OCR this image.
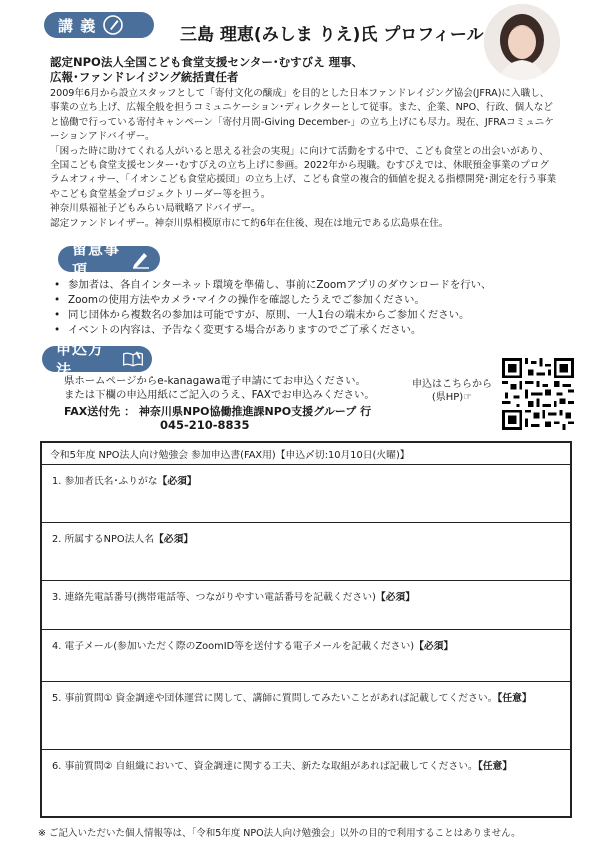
講 義	三島 理恵(みしま りえ)氏 プロフィール
認定NPO法人全国こども食堂支援センター･むすびえ 理事、
広報･ファンドレイジング統括責任者

2009年6月から設立スタッフとして「寄付文化の醸成」を目的とした日本ファンドレイジング協会(JFRA)に入職し、事業の立ち上げ、広報全般を担うコミュニケーション･ディレクターとして従事。また、企業、NPO、行政、個人などと協働で行っている寄付キャンペーン「寄付月間-Giving December-」の立ち上げにも尽力。現在、JFRAコミュニケーションアドバイザー。

「困った時に助けてくれる人がいると思える社会の実現」に向けて活動をする中で、こども食堂との出会いがあり、全国こども食堂支援センター･むすびえの立ち上げに参画。2022年から現職。むすびえでは、休眠預金事業のプログラムオフィサー、「イオンこども食堂応援団」の立ち上げ、こども食堂の複合的価値を捉える指標開発･測定を行う事業やこども食堂基金プロジェクトリーダー等を担う。

神奈川県福祉子どもみらい局戦略アドバイザー。

認定ファンドレイザー。神奈川県相模原市にて約6年在住後、現在は地元である広島県在住。

留意事項
• 参加者は、各自インターネット環境を準備し、事前にZoomアプリのダウンロードを行い、
• Zoomの使用方法やカメラ･マイクの操作を確認したうえでご参加ください。
• 同じ団体から複数名の参加は可能ですが、原則、一人1台の端末からご参加ください。
• イベントの内容は、予告なく変更する場合がありますのでご了承ください。
申込方法
県ホームページからe-kanagawa電子申請にてお申込ください。
または下欄の申込用紙にご記入のうえ、FAXでお申込みください。
FAX送付先 ： 神奈川県NPO協働推進課NPO支援グループ 行
045-210-8835
申込はこちらから
(県HP)☞
令和5年度 NPO法人向け勉強会 参加申込書(FAX用)【申込〆切:10月10日(火曜)】
1. 参加者氏名･ふりがな【必須】
2. 所属するNPO法人名【必須】
3. 連絡先電話番号(携帯電話等、つながりやすい電話番号を記載ください)【必須】
4. 電子メール(参加いただく際のZoomID等を送付する電子メールを記載ください)【必須】
5. 事前質問① 資金調達や団体運営に関して、講師に質問してみたいことがあれば記載してください。【任意】
6. 事前質問② 自組織において、資金調達に関する工夫、新たな取組があれば記載してください。【任意】
※ ご記入いただいた個人情報等は、「令和5年度 NPO法人向け勉強会」以外の目的で利用することはありません。
